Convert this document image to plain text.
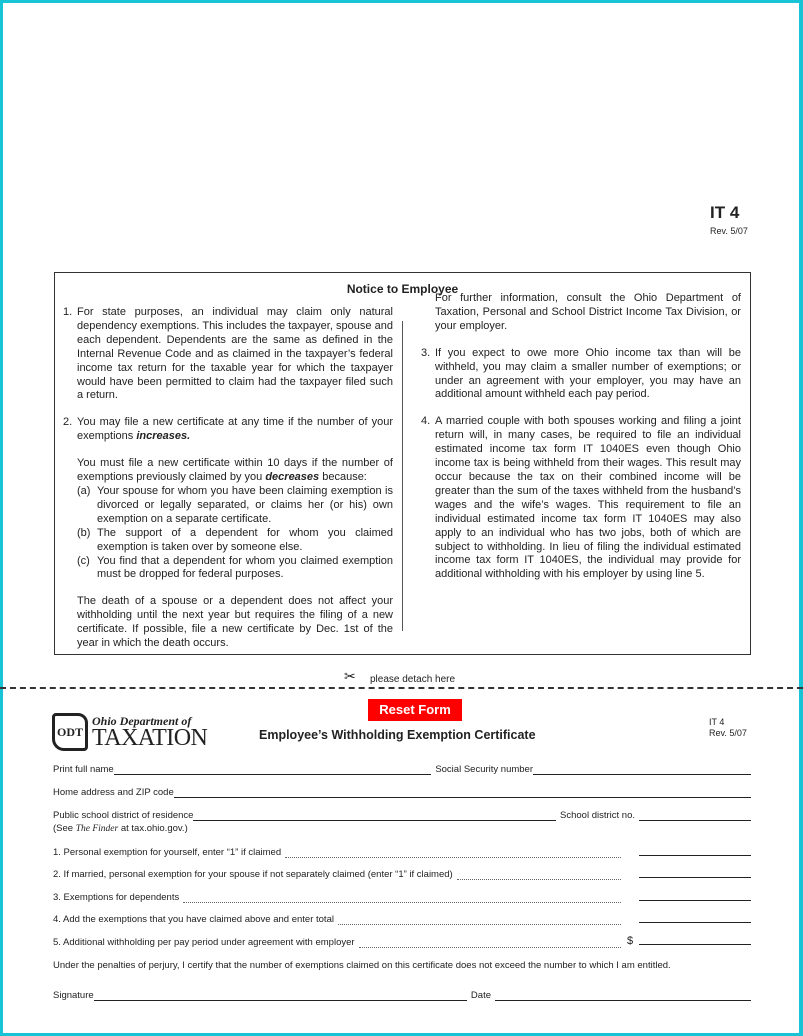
IT 4
Rev. 5/07
Notice to Employee

1. For state purposes, an individual may claim only natural dependency exemptions. This includes the taxpayer, spouse and each dependent. Dependents are the same as defined in the Internal Revenue Code and as claimed in the taxpayer’s federal income tax return for the taxable year for which the taxpayer would have been permitted to claim had the taxpayer filed such a return.

2. You may file a new certificate at any time if the number of your exemptions increases.

You must file a new certificate within 10 days if the number of exemptions previously claimed by you decreases because:
(a) Your spouse for whom you have been claiming exemption is divorced or legally separated, or claims her (or his) own exemption on a separate certificate.
(b) The support of a dependent for whom you claimed exemption is taken over by someone else.
(c) You find that a dependent for whom you claimed exemption must be dropped for federal purposes.

The death of a spouse or a dependent does not affect your withholding until the next year but requires the filing of a new certificate. If possible, file a new certificate by Dec. 1st of the year in which the death occurs.

For further information, consult the Ohio Department of Taxation, Personal and School District Income Tax Division, or your employer.

3. If you expect to owe more Ohio income tax than will be withheld, you may claim a smaller number of exemptions; or under an agreement with your employer, you may have an additional amount withheld each pay period.

4. A married couple with both spouses working and filing a joint return will, in many cases, be required to file an individual estimated income tax form IT 1040ES even though Ohio income tax is being withheld from their wages. This result may occur because the tax on their combined income will be greater than the sum of the taxes withheld from the husband’s wages and the wife’s wages. This requirement to file an individual estimated income tax form IT 1040ES may also apply to an individual who has two jobs, both of which are subject to withholding. In lieu of filing the individual estimated income tax form IT 1040ES, the individual may provide for additional withholding with his employer by using line 5.

✂ please detach here
Reset Form
ODT
Ohio Department of
TAXATION	Employee’s Withholding Exemption Certificate
IT 4
Rev. 5/07
Print full name	Social Security number
Home address and ZIP code
Public school district of residence	School district no.
(See
The Finder
at tax.ohio.gov.)
1. Personal exemption for yourself, enter “1” if claimed
2. If married, personal exemption for your spouse if not separately claimed (enter “1” if claimed)
3. Exemptions for dependents
4. Add the exemptions that you have claimed above and enter total
5. Additional withholding per pay period under agreement with employer	$
Under the penalties of perjury, I certify that the number of exemptions claimed on this certificate does not exceed the number to which I am entitled.
Signature	Date
